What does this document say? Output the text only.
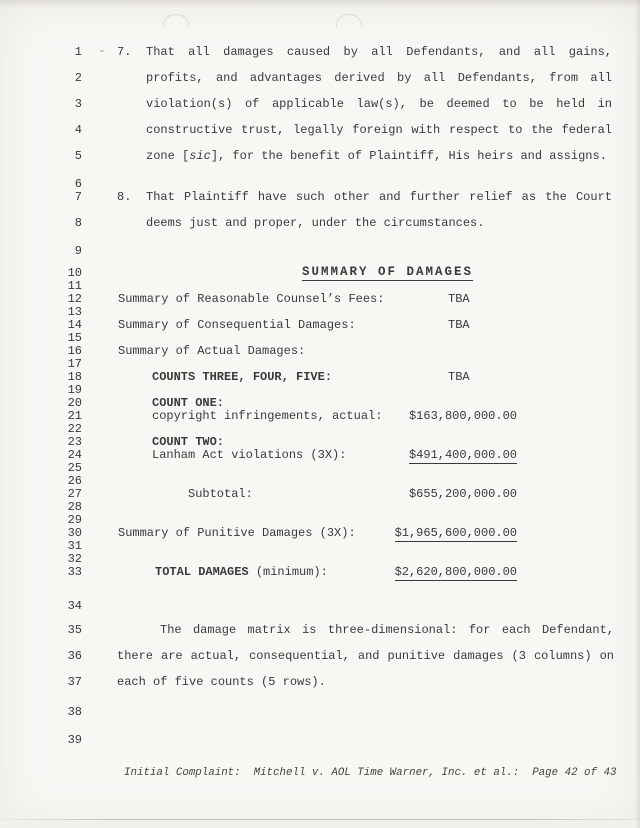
1
2
3
4
5
6
7
8
9
10
11
12
13
14
15
16
17
18
19
20
21
22
23
24
25
26
27
28
29
30
31
32
33
34
35
36
37
38
39
7. That all damages caused by all Defendants, and all gains,
profits, and advantages derived by all Defendants, from all
violation(s) of applicable law(s), be deemed to be held in
constructive trust, legally foreign with respect to the federal
zone [sic], for the benefit of Plaintiff, His heirs and assigns.
8. That Plaintiff have such other and further relief as the Court
deems just and proper, under the circumstances.
SUMMARY OF DAMAGES
Summary of Reasonable Counsel’s Fees:	TBA
Summary of Consequential Damages:	TBA
Summary of Actual Damages:
COUNTS THREE, FOUR, FIVE:	TBA
COUNT ONE:
copyright infringements, actual: $163,800,000.00
COUNT TWO:
Lanham Act violations (3X):	$491,400,000.00
Subtotal:	$655,200,000.00
Summary of Punitive Damages (3X):	$1,965,600,000.00
TOTAL DAMAGES (minimum):	$2,620,800,000.00
The damage matrix is three-dimensional: for each Defendant,
there are actual, consequential, and punitive damages (3 columns) on
each of five counts (5 rows).
Initial Complaint:  Mitchell v. AOL Time Warner, Inc. et al.:  Page 42 of 43
